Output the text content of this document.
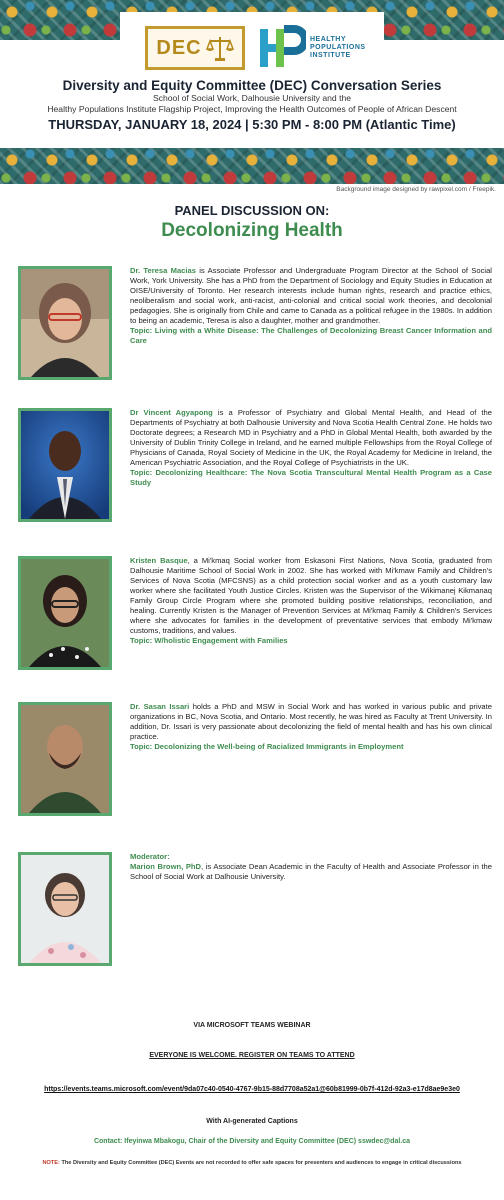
DEC	HEALTHY
POPULATIONS
INSTITUTE
Diversity and Equity Committee (DEC) Conversation Series
School of Social Work, Dalhousie University and the
Healthy Populations Institute Flagship Project, Improving the Health Outcomes of People of African Descent
THURSDAY, JANUARY 18, 2024 | 5:30 PM - 8:00 PM (Atlantic Time)
Background image designed by rawpixel.com / Freepik.
PANEL DISCUSSION ON:
Decolonizing Health
Dr. Teresa Macias is Associate Professor and Undergraduate Program Director at the School of Social Work, York University. She has a PhD from the Department of Sociology and Equity Studies in Education at OISE/University of Toronto. Her research interests include human rights, research and practice ethics, neoliberalism and social work, anti-racist, anti-colonial and critical social work theories, and decolonial pedagogies. She is originally from Chile and came to Canada as a political refugee in the 1980s. In addition to being an academic, Teresa is also a daughter, mother and grandmother.
Topic: Living with a White Disease: The Challenges of Decolonizing Breast Cancer Information and Care
Dr Vincent Agyapong is a Professor of Psychiatry and Global Mental Health, and Head of the Departments of Psychiatry at both Dalhousie University and Nova Scotia Health Central Zone. He holds two Doctorate degrees; a Research MD in Psychiatry and a PhD in Global Mental Health, both awarded by the University of Dublin Trinity College in Ireland, and he earned multiple Fellowships from the Royal College of Physicians of Canada, Royal Society of Medicine in the UK, the Royal Academy for Medicine in Ireland, the American Psychiatric Association, and the Royal College of Psychiatrists in the UK.
Topic: Decolonizing Healthcare: The Nova Scotia Transcultural Mental Health Program as a Case Study
Kristen Basque, a Mi'kmaq Social worker from Eskasoni First Nations, Nova Scotia, graduated from Dalhousie Maritime School of Social Work in 2002. She has worked with Mi'kmaw Family and Children's Services of Nova Scotia (MFCSNS) as a child protection social worker and as a youth customary law worker where she facilitated Youth Justice Circles. Kristen was the Supervisor of the Wikimanej Kikmanaq Family Group Circle Program where she promoted building positive relationships, reconciliation, and healing. Currently Kristen is the Manager of Prevention Services at Mi'kmaq Family & Children's Services where she advocates for families in the development of preventative services that embody Mi'kmaw customs, traditions, and values.
Topic: W/holistic Engagement with Families
Dr. Sasan Issari holds a PhD and MSW in Social Work and has worked in various public and private organizations in BC, Nova Scotia, and Ontario. Most recently, he was hired as Faculty at Trent University. In addition, Dr. Issari is very passionate about decolonizing the field of mental health and has his own clinical practice.
Topic: Decolonizing the Well-being of Racialized Immigrants in Employment
Moderator:
Marion Brown, PhD, is Associate Dean Academic in the Faculty of Health and Associate Professor in the School of Social Work at Dalhousie University.
VIA MICROSOFT TEAMS WEBINAR
EVERYONE IS WELCOME. REGISTER ON TEAMS TO ATTEND
https://events.teams.microsoft.com/event/9da07c40-0540-4767-9b15-88d7708a52a1@60b81999-0b7f-412d-92a3-e17d8ae9e3e0
With AI-generated Captions
Contact: Ifeyinwa Mbakogu, Chair of the Diversity and Equity Committee (DEC) sswdec@dal.ca
NOTE: The Diversity and Equity Committee (DEC) Events are not recorded to offer safe spaces for presenters and audiences to engage in critical discussions
